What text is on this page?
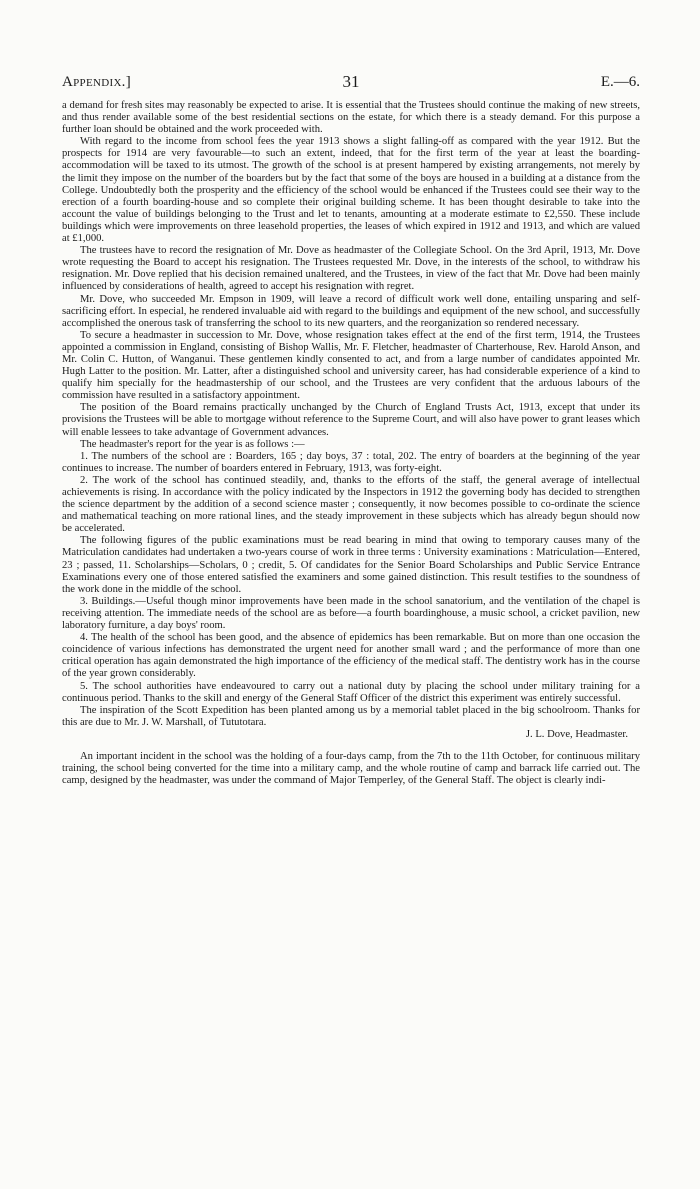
Appendix.]	31	E.—6.

a demand for fresh sites may reasonably be expected to arise. It is essential that the Trustees should continue the making of new streets, and thus render available some of the best residential sections on the estate, for which there is a steady demand. For this purpose a further loan should be obtained and the work proceeded with.

With regard to the income from school fees the year 1913 shows a slight falling-off as compared with the year 1912. But the prospects for 1914 are very favourable—to such an extent, indeed, that for the first term of the year at least the boarding-accommodation will be taxed to its utmost. The growth of the school is at present hampered by existing arrangements, not merely by the limit they impose on the number of the boarders but by the fact that some of the boys are housed in a building at a distance from the College. Undoubtedly both the prosperity and the efficiency of the school would be enhanced if the Trustees could see their way to the erection of a fourth boarding-house and so complete their original building scheme. It has been thought desirable to take into the account the value of buildings belonging to the Trust and let to tenants, amounting at a moderate estimate to £2,550. These include buildings which were improvements on three leasehold properties, the leases of which expired in 1912 and 1913, and which are valued at £1,000.

The trustees have to record the resignation of Mr. Dove as headmaster of the Collegiate School. On the 3rd April, 1913, Mr. Dove wrote requesting the Board to accept his resignation. The Trustees requested Mr. Dove, in the interests of the school, to withdraw his resignation. Mr. Dove replied that his decision remained unaltered, and the Trustees, in view of the fact that Mr. Dove had been mainly influenced by considerations of health, agreed to accept his resignation with regret.

Mr. Dove, who succeeded Mr. Empson in 1909, will leave a record of difficult work well done, entailing unsparing and self-sacrificing effort. In especial, he rendered invaluable aid with regard to the buildings and equipment of the new school, and successfully accomplished the onerous task of transferring the school to its new quarters, and the reorganization so rendered necessary.

To secure a headmaster in succession to Mr. Dove, whose resignation takes effect at the end of the first term, 1914, the Trustees appointed a commission in England, consisting of Bishop Wallis, Mr. F. Fletcher, headmaster of Charterhouse, Rev. Harold Anson, and Mr. Colin C. Hutton, of Wanganui. These gentlemen kindly consented to act, and from a large number of candidates appointed Mr. Hugh Latter to the position. Mr. Latter, after a distinguished school and university career, has had considerable experience of a kind to qualify him specially for the headmastership of our school, and the Trustees are very confident that the arduous labours of the commission have resulted in a satisfactory appointment.

The position of the Board remains practically unchanged by the Church of England Trusts Act, 1913, except that under its provisions the Trustees will be able to mortgage without reference to the Supreme Court, and will also have power to grant leases which will enable lessees to take advantage of Government advances.

The headmaster's report for the year is as follows :—

1. The numbers of the school are : Boarders, 165 ; day boys, 37 : total, 202. The entry of boarders at the beginning of the year continues to increase. The number of boarders entered in February, 1913, was forty-eight.

2. The work of the school has continued steadily, and, thanks to the efforts of the staff, the general average of intellectual achievements is rising. In accordance with the policy indicated by the Inspectors in 1912 the governing body has decided to strengthen the science department by the addition of a second science master ; consequently, it now becomes possible to co-ordinate the science and mathematical teaching on more rational lines, and the steady improvement in these subjects which has already begun should now be accelerated.

The following figures of the public examinations must be read bearing in mind that owing to temporary causes many of the Matriculation candidates had undertaken a two-years course of work in three terms : University examinations : Matriculation—Entered, 23 ; passed, 11. Scholarships—Scholars, 0 ; credit, 5. Of candidates for the Senior Board Scholarships and Public Service Entrance Examinations every one of those entered satisfied the examiners and some gained distinction. This result testifies to the soundness of the work done in the middle of the school.

3. Buildings.—Useful though minor improvements have been made in the school sanatorium, and the ventilation of the chapel is receiving attention. The immediate needs of the school are as before—a fourth boardinghouse, a music school, a cricket pavilion, new laboratory furniture, a day boys' room.

4. The health of the school has been good, and the absence of epidemics has been remarkable. But on more than one occasion the coincidence of various infections has demonstrated the urgent need for another small ward ; and the performance of more than one critical operation has again demonstrated the high importance of the efficiency of the medical staff. The dentistry work has in the course of the year grown considerably.

5. The school authorities have endeavoured to carry out a national duty by placing the school under military training for a continuous period. Thanks to the skill and energy of the General Staff Officer of the district this experiment was entirely successful.

The inspiration of the Scott Expedition has been planted among us by a memorial tablet placed in the big schoolroom. Thanks for this are due to Mr. J. W. Marshall, of Tututotara.

J. L. Dove, Headmaster.

An important incident in the school was the holding of a four-days camp, from the 7th to the 11th October, for continuous military training, the school being converted for the time into a military camp, and the whole routine of camp and barrack life carried out. The camp, designed by the headmaster, was under the command of Major Temperley, of the General Staff. The object is clearly indi-
